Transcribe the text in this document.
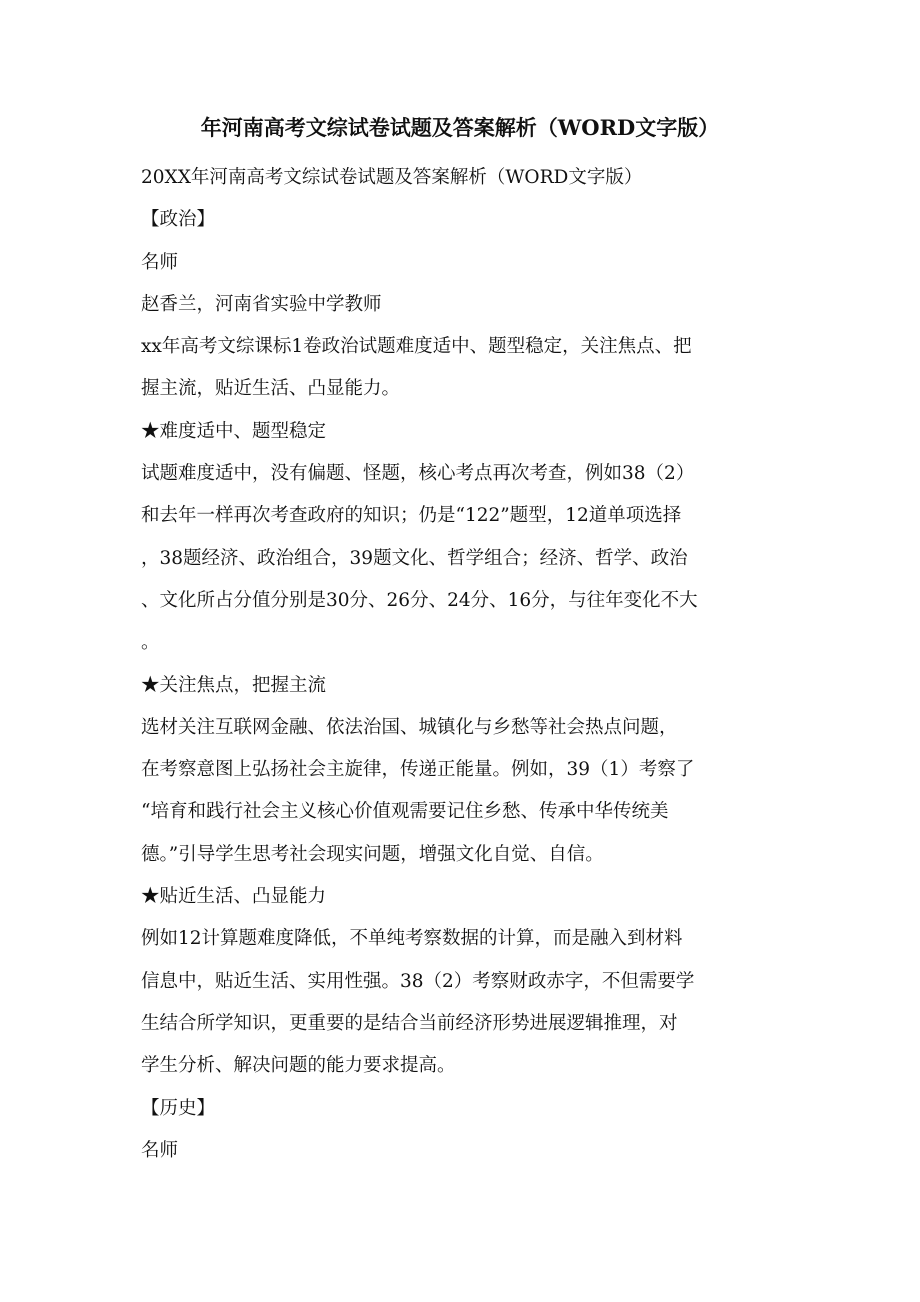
年河南高考文综试卷试题及答案解析（WORD文字版）
20XX年河南高考文综试卷试题及答案解析（WORD文字版）
【政治】
名师
赵香兰，河南省实验中学教师
xx年高考文综课标1卷政治试题难度适中、题型稳定，关注焦点、把
握主流，贴近生活、凸显能力。
★难度适中、题型稳定
试题难度适中，没有偏题、怪题，核心考点再次考查，例如38（2）
和去年一样再次考查政府的知识；仍是“122”题型，12道单项选择
，38题经济、政治组合，39题文化、哲学组合；经济、哲学、政治
、文化所占分值分别是30分、26分、24分、16分，与往年变化不大
。
★关注焦点，把握主流
选材关注互联网金融、依法治国、城镇化与乡愁等社会热点问题，
在考察意图上弘扬社会主旋律，传递正能量。例如，39（1）考察了
“培育和践行社会主义核心价值观需要记住乡愁、传承中华传统美
德。”引导学生思考社会现实问题，增强文化自觉、自信。
★贴近生活、凸显能力
例如12计算题难度降低，不单纯考察数据的计算，而是融入到材料
信息中，贴近生活、实用性强。38（2）考察财政赤字，不但需要学
生结合所学知识，更重要的是结合当前经济形势进展逻辑推理，对
学生分析、解决问题的能力要求提高。
【历史】
名师
